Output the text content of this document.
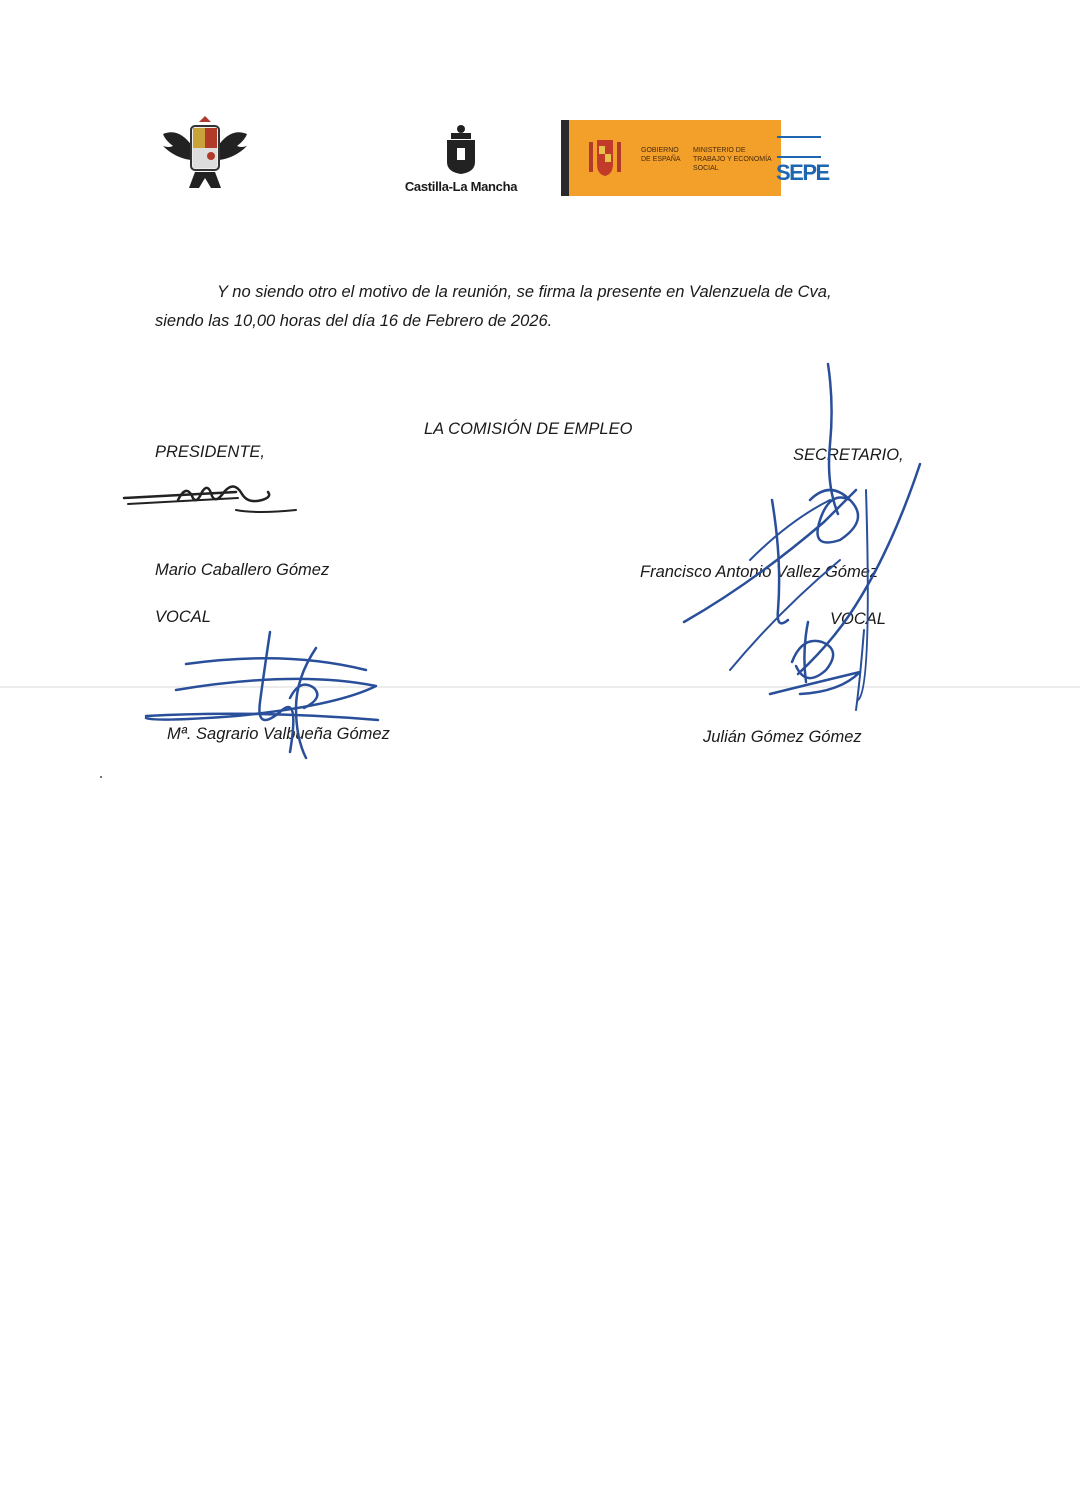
Castilla-La Mancha
GOBIERNO DE ESPAÑA
MINISTERIO DE TRABAJO Y ECONOMÍA SOCIAL	SEPE
Y no siendo otro el motivo de la reunión, se firma la presente en Valenzuela de Cva,
siendo las 10,00 horas del día 16 de Febrero de 2026.
LA COMISIÓN DE EMPLEO
PRESIDENTE,	SECRETARIO,
Mario Caballero Gómez	Francisco Antonio Vallez Gómez
VOCAL	VOCAL
Mª. Sagrario Valbueña Gómez	Julián Gómez Gómez
